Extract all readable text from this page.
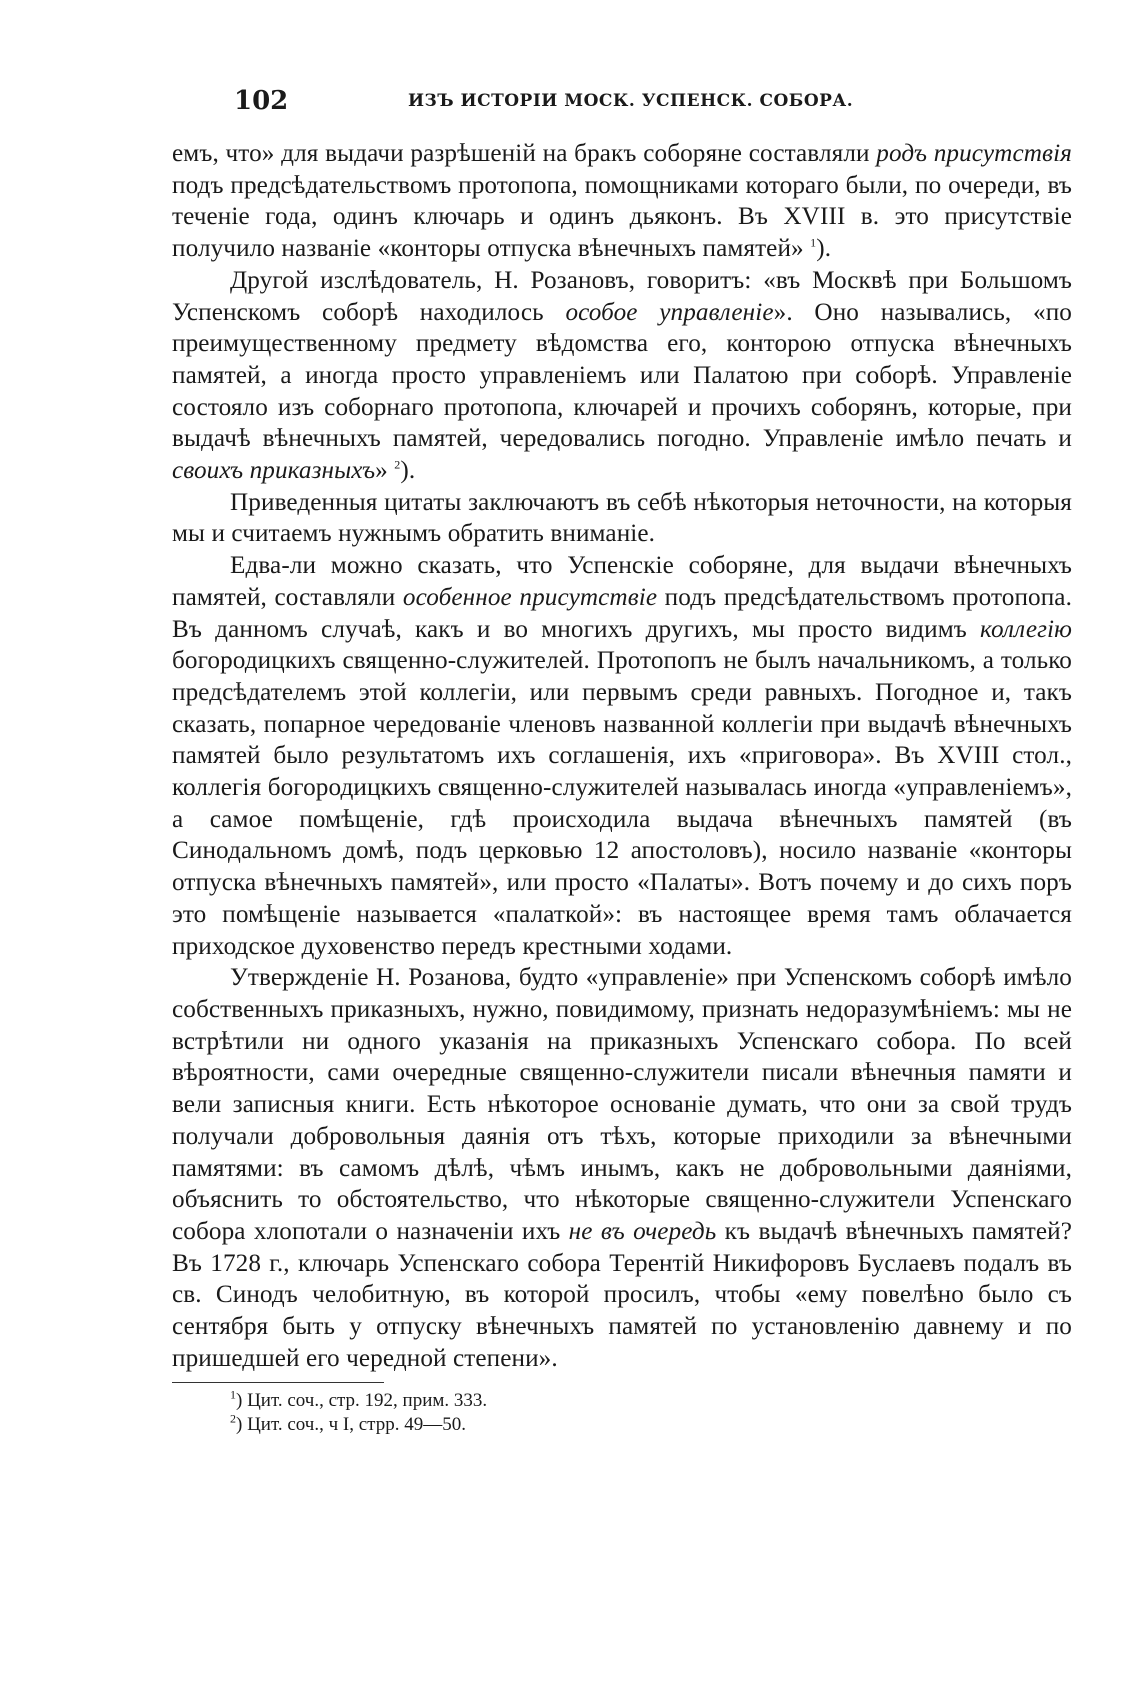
102	ИЗЪ ИСТОРІИ МОСК. УСПЕНСК. СОБОРА.

емъ, что» для выдачи разрѣшеній на бракъ соборяне составляли родъ присутствія подъ предсѣдательствомъ протопопа, помощниками котораго были, по очереди, въ теченіе года, одинъ ключарь и одинъ дьяконъ. Въ XVIII в. это присутствіе получило названіе «конторы отпуска вѣнечныхъ памятей» $^1$).

Другой изслѣдователь, Н. Розановъ, говоритъ: «въ Москвѣ при Большомъ Успенскомъ соборѣ находилось особое управленіе». Оно назывались, «по преимущественному предмету вѣдомства его, конторою отпуска вѣнечныхъ памятей, а иногда просто управленіемъ или Палатою при соборѣ. Управленіе состояло изъ соборнаго протопопа, ключарей и прочихъ соборянъ, которые, при выдачѣ вѣнечныхъ памятей, чередовались погодно. Управленіе имѣло печать и своихъ приказныхъ» $^2$).

Приведенныя цитаты заключаютъ въ себѣ нѣкоторыя неточности, на которыя мы и считаемъ нужнымъ обратить вниманіе.

Едва-ли можно сказать, что Успенскіе соборяне, для выдачи вѣнечныхъ памятей, составляли особенное присутствіе подъ предсѣдательствомъ протопопа. Въ данномъ случаѣ, какъ и во многихъ другихъ, мы просто видимъ коллегію богородицкихъ священно-служителей. Протопопъ не былъ начальникомъ, а только предсѣдателемъ этой коллегіи, или первымъ среди равныхъ. Погодное и, такъ сказать, попарное чередованіе членовъ названной коллегіи при выдачѣ вѣнечныхъ памятей было результатомъ ихъ соглашенія, ихъ «приговора». Въ XVIII стол., коллегія богородицкихъ священно-служителей называлась иногда «управленіемъ», а самое помѣщеніе, гдѣ происходила выдача вѣнечныхъ памятей (въ Синодальномъ домѣ, подъ церковью 12 апостоловъ), носило названіе «конторы отпуска вѣнечныхъ памятей», или просто «Палаты». Вотъ почему и до сихъ поръ это помѣщеніе называется «палаткой»: въ настоящее время тамъ облачается приходское духовенство передъ крестными ходами.

Утвержденіе Н. Розанова, будто «управленіе» при Успенскомъ соборѣ имѣло собственныхъ приказныхъ, нужно, повидимому, признать недоразумѣніемъ: мы не встрѣтили ни одного указанія на приказныхъ Успенскаго собора. По всей вѣроятности, сами очередные священно-служители писали вѣнечныя памяти и вели записныя книги. Есть нѣкоторое основаніе думать, что они за свой трудъ получали добровольныя даянія отъ тѣхъ, которые приходили за вѣнечными памятями: въ самомъ дѣлѣ, чѣмъ инымъ, какъ не добровольными даяніями, объяснить то обстоятельство, что нѣкоторые священно-служители Успенскаго собора хлопотали о назначеніи ихъ не въ очередь къ выдачѣ вѣнечныхъ памятей? Въ 1728 г., ключарь Успенскаго собора Терентій Никифоровъ Буслаевъ подалъ въ св. Синодъ челобитную, въ которой просилъ, чтобы «ему повелѣно было съ сентября быть у отпуску вѣнечныхъ памятей по установленію давнему и по пришедшей его чередной степени».

$^1$) Цит. соч., стр. 192, прим. 333.
$^2$) Цит. соч., ч I, стрр. 49—50.
